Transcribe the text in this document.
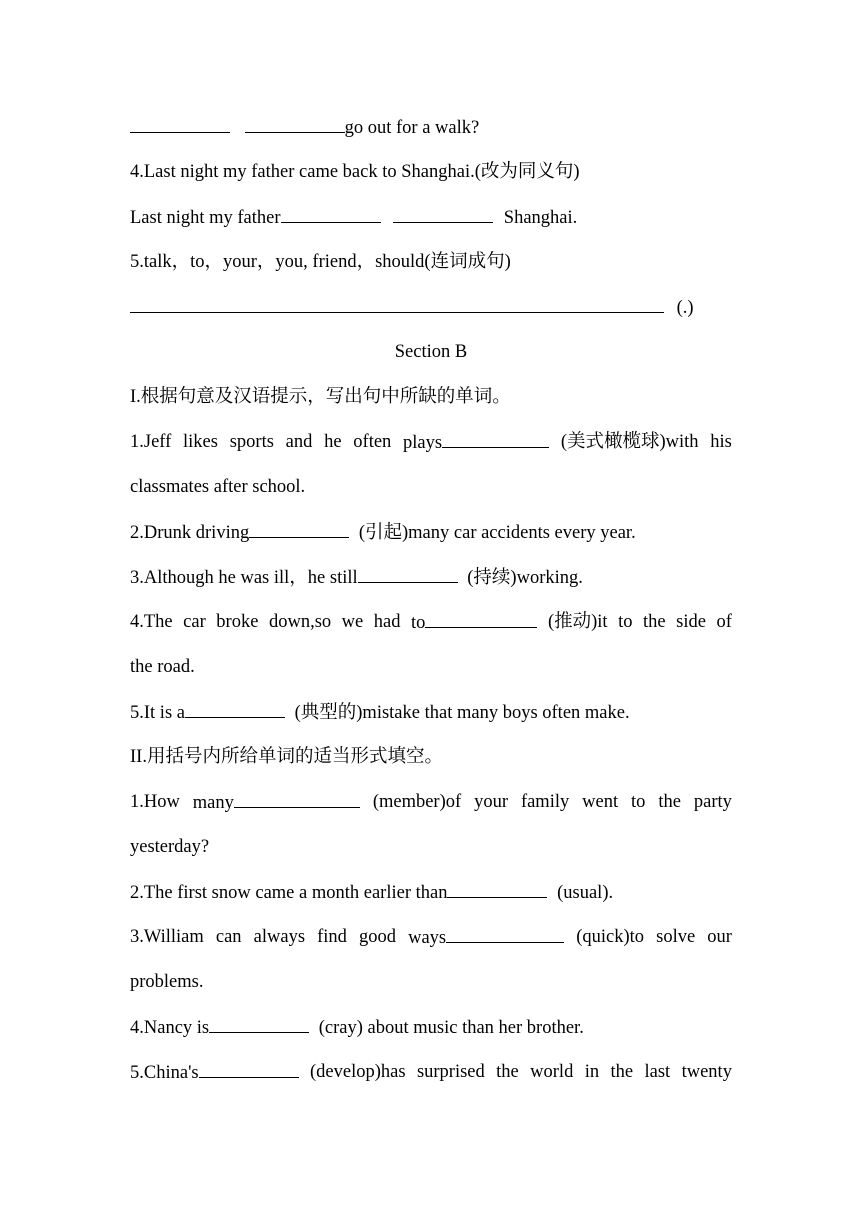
go out for a walk?
4.Last night my father came back to Shanghai.(改为同义句)
Last night my father	Shanghai.
5.talk，to，your，you, friend，should(连词成句)
(.)
Section B
I.根据句意及汉语提示，写出句中所缺的单词。
1.Jeff likes sports and he often plays	(美式橄榄球)with his
classmates after school.
2.Drunk driving	(引起)many car accidents every year.
3.Although he was ill，he still	(持续)working.
4.The car broke down,so we had to	(推动)it to the side of
the road.
5.It is a	(典型的)mistake that many boys often make.
II.用括号内所给单词的适当形式填空。
1.How many	(member)of your family went to the party
yesterday?
2.The first snow came a month earlier than	(usual).
3.William can always find good ways	(quick)to solve our
problems.
4.Nancy is	(cray) about music than her brother.
5.China's	(develop)has surprised the world in the last twenty
